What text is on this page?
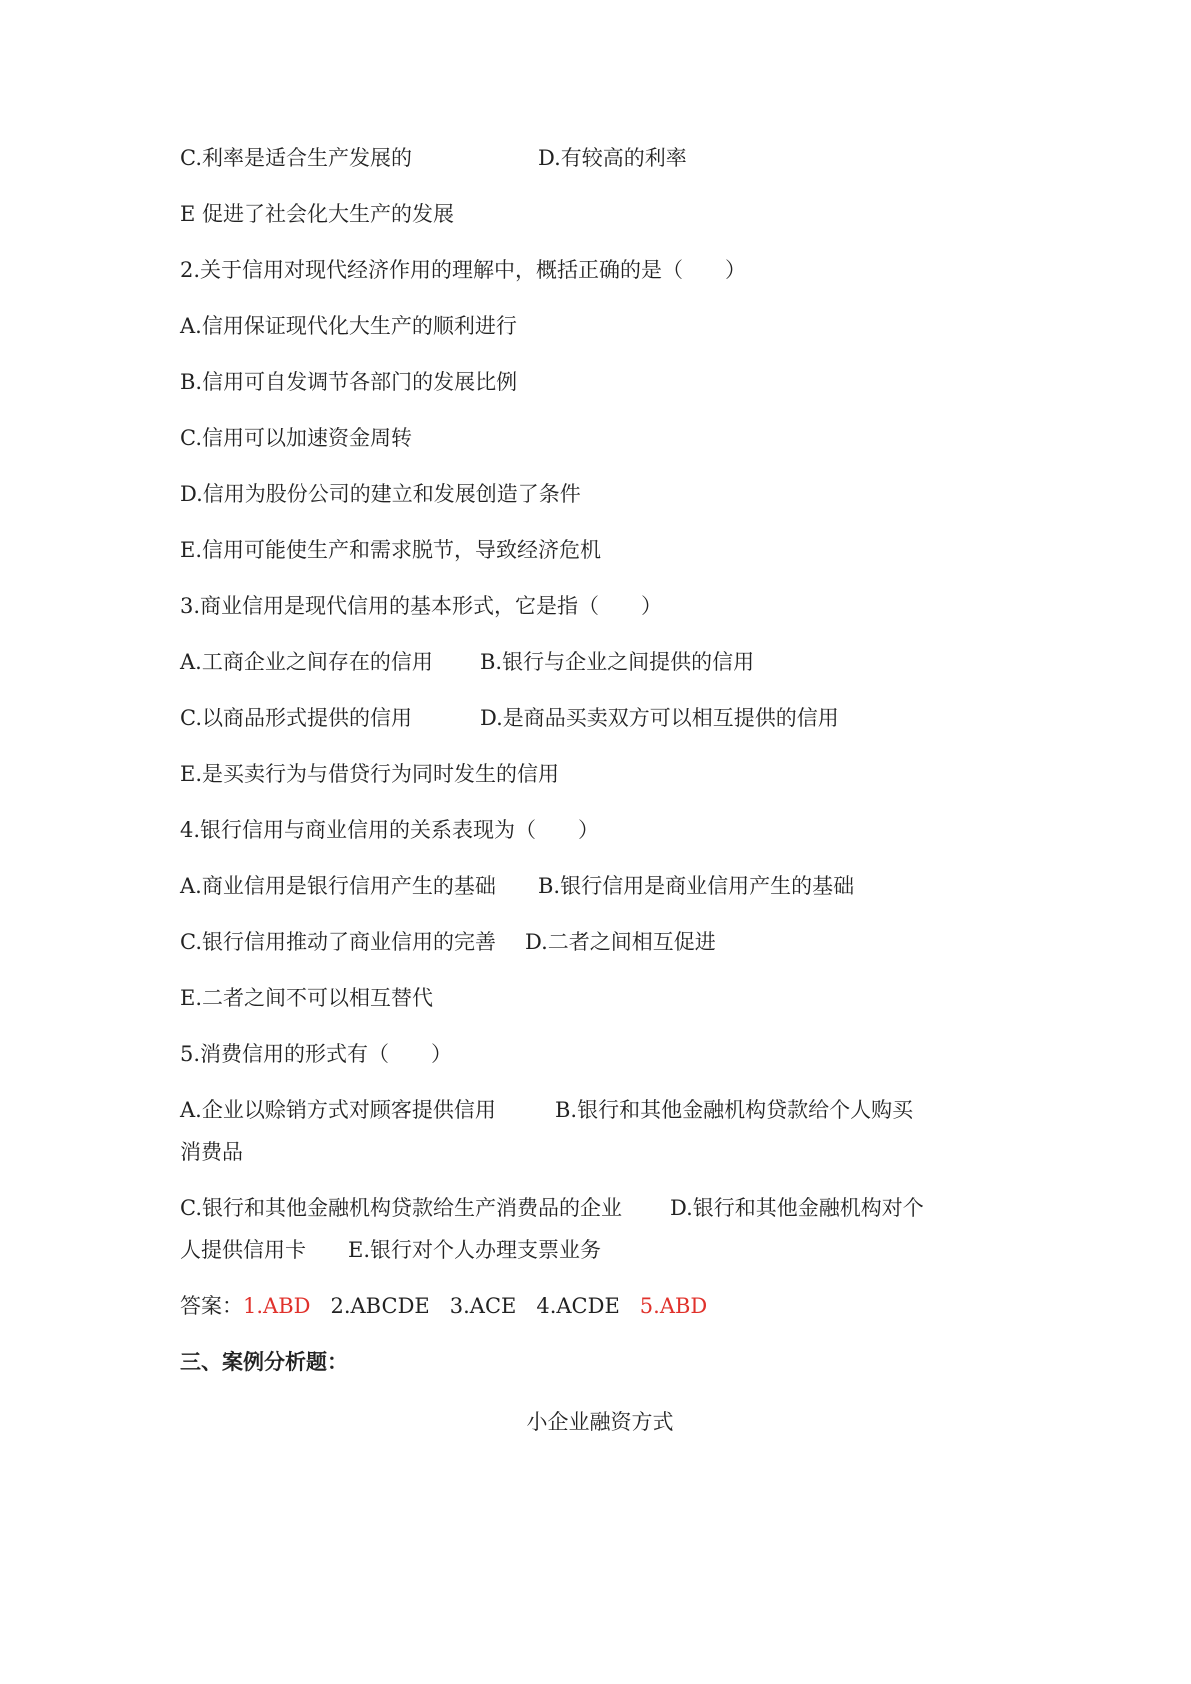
C.利率是适合生产发展的	D.有较高的利率
E 促进了社会化大生产的发展
2.关于信用对现代经济作用的理解中，概括正确的是（　　）
A.信用保证现代化大生产的顺利进行
B.信用可自发调节各部门的发展比例
C.信用可以加速资金周转
D.信用为股份公司的建立和发展创造了条件
E.信用可能使生产和需求脱节，导致经济危机
3.商业信用是现代信用的基本形式，它是指（　　）
A.工商企业之间存在的信用 B.银行与企业之间提供的信用
C.以商品形式提供的信用	D.是商品买卖双方可以相互提供的信用
E.是买卖行为与借贷行为同时发生的信用
4.银行信用与商业信用的关系表现为（　　）
A.商业信用是银行信用产生的基础 B.银行信用是商业信用产生的基础
C.银行信用推动了商业信用的完善 D.二者之间相互促进
E.二者之间不可以相互替代
5.消费信用的形式有（　　）
A.企业以赊销方式对顾客提供信用	B.银行和其他金融机构贷款给个人购买
消费品
C.银行和其他金融机构贷款给生产消费品的企业 D.银行和其他金融机构对个
人提供信用卡 E.银行对个人办理支票业务
答案：1.ABD 2.ABCDE 3.ACE 4.ACDE 5.ABD
三、案例分析题：
小企业融资方式
